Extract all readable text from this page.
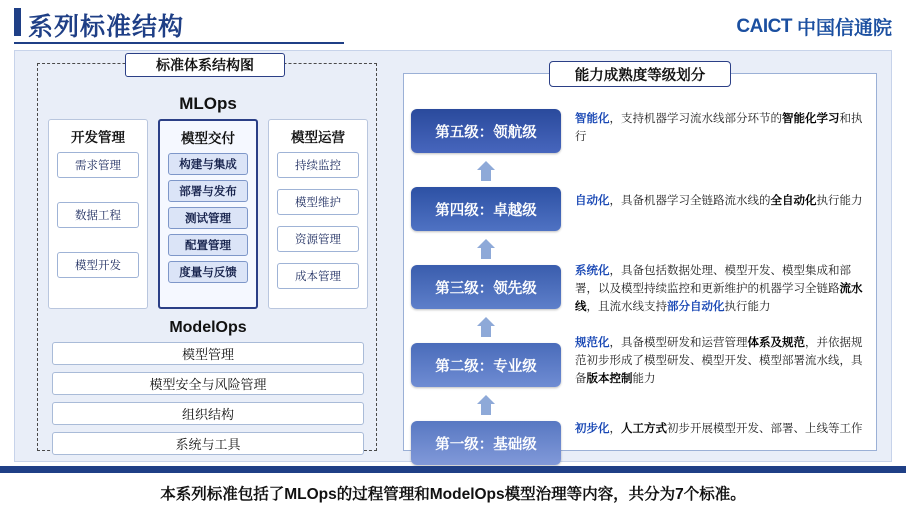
系列标准结构	CAICT 中国信通院
MLOps
开发管理
需求管理
数据工程
模型开发
模型交付
构建与集成
部署与发布
测试管理
配置管理
度量与反馈
模型运营
持续监控
模型维护
资源管理
成本管理
ModelOps
模型管理
模型安全与风险管理
组织结构
系统与工具
标准体系结构图
能力成熟度等级划分
第五级：领航级
第四级：卓越级
第三级：领先级
第二级：专业级
第一级：基础级
智能化，支持机器学习流水线部分环节的智能化学习和执行
自动化，具备机器学习全链路流水线的全自动化执行能力
系统化，具备包括数据处理、模型开发、模型集成和部署，以及模型持续监控和更新维护的机器学习全链路流水线，且流水线支持部分自动化执行能力
规范化，具备模型研发和运营管理体系及规范，并依据规范初步形成了模型研发、模型开发、模型部署流水线，具备版本控制能力
初步化，人工方式初步开展模型开发、部署、上线等工作
本系列标准包括了MLOps的过程管理和ModelOps模型治理等内容，共分为7个标准。
